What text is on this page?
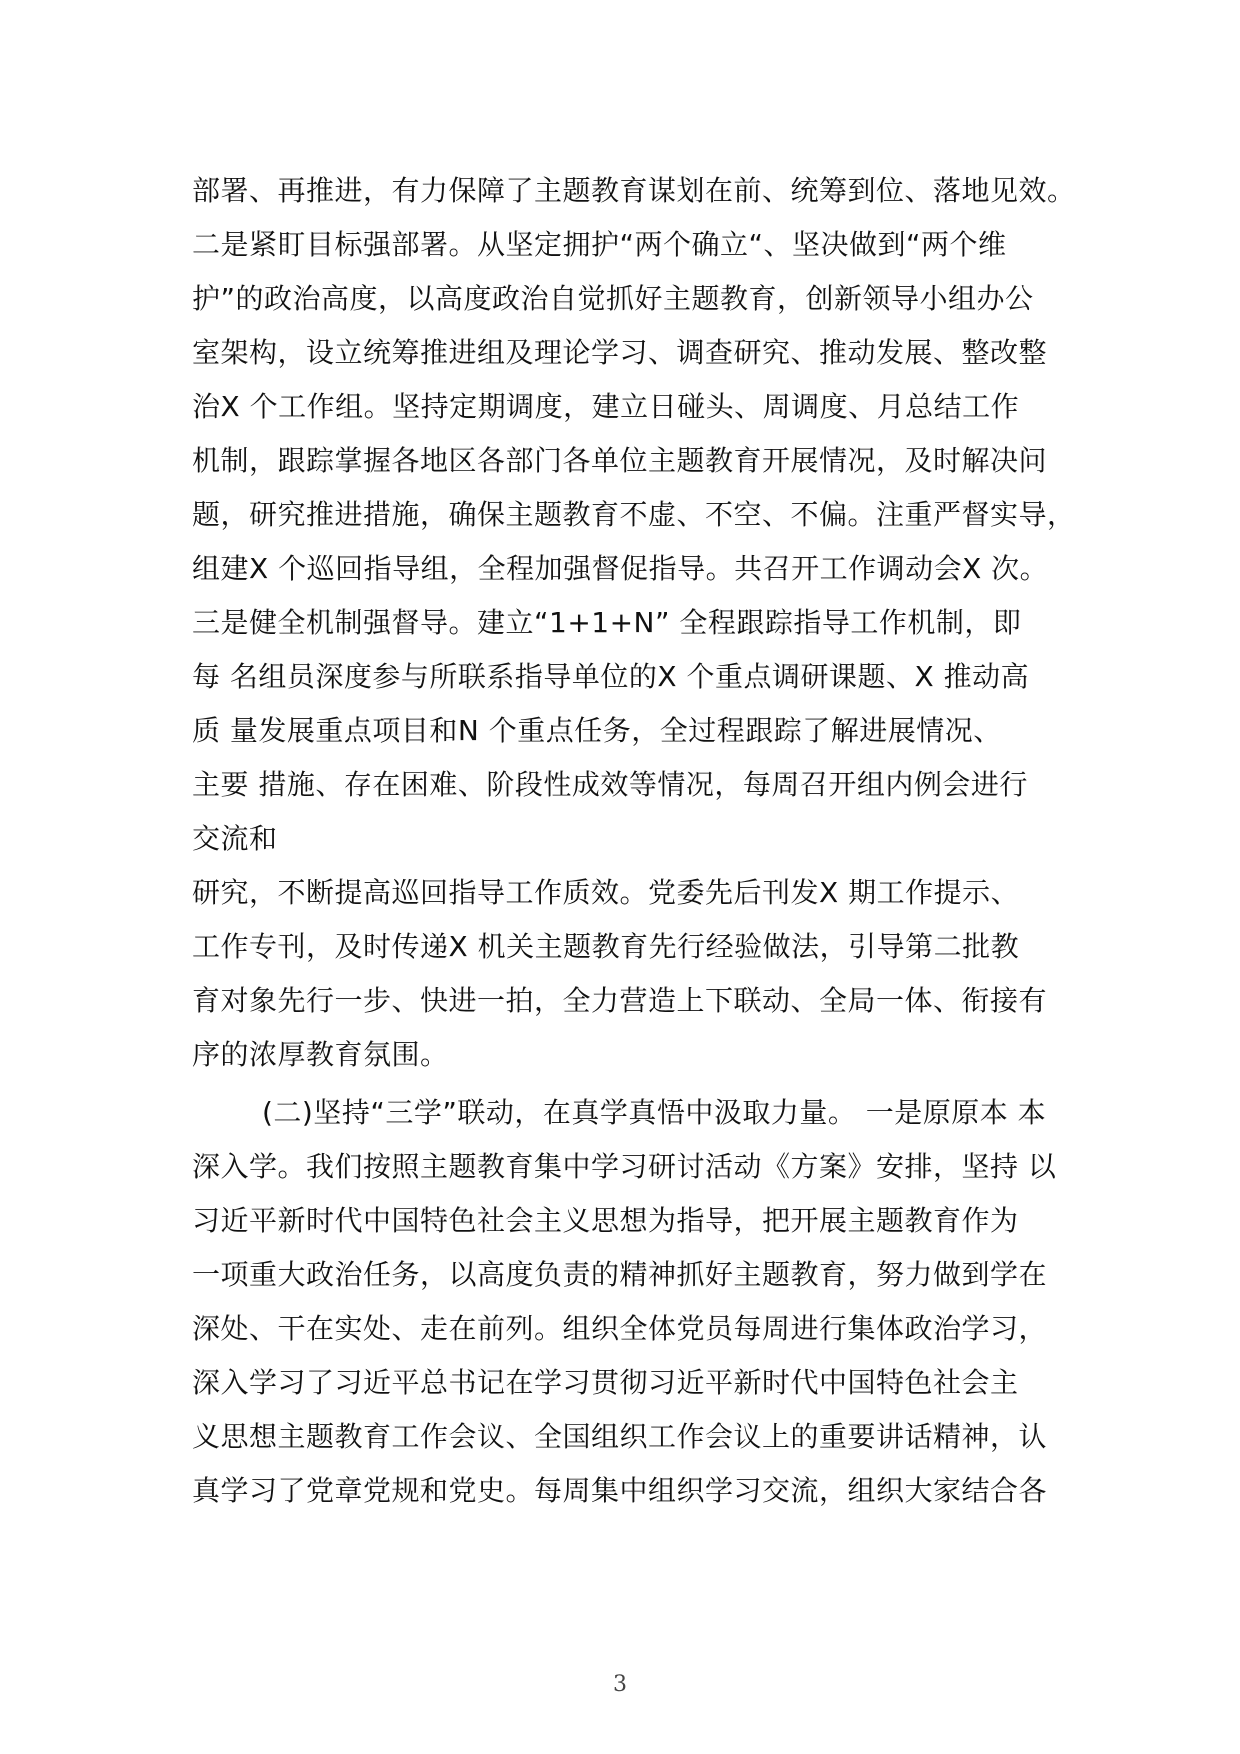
部署、再推进，有力保障了主题教育谋划在前、统筹到位、落地见效。
二是紧盯目标强部署。从坚定拥护“两个确立“、坚决做到“两个维
护”的政治高度，以高度政治自觉抓好主题教育，创新领导小组办公
室架构，设立统筹推进组及理论学习、调查研究、推动发展、整改整
治X 个工作组。坚持定期调度，建立日碰头、周调度、月总结工作
机制，跟踪掌握各地区各部门各单位主题教育开展情况，及时解决问
题，研究推进措施，确保主题教育不虚、不空、不偏。注重严督实导，
组建X 个巡回指导组，全程加强督促指导。共召开工作调动会X 次。
三是健全机制强督导。建立“1+1+N” 全程跟踪指导工作机制，即
每 名组员深度参与所联系指导单位的X 个重点调研课题、X 推动高
质 量发展重点项目和N 个重点任务，全过程跟踪了解进展情况、
主要 措施、存在困难、阶段性成效等情况，每周召开组内例会进行
交流和
研究，不断提高巡回指导工作质效。党委先后刊发X 期工作提示、
工作专刊，及时传递X 机关主题教育先行经验做法，引导第二批教
育对象先行一步、快进一拍，全力营造上下联动、全局一体、衔接有
序的浓厚教育氛围。
(二)坚持“三学”联动，在真学真悟中汲取力量。 一是原原本 本
深入学。我们按照主题教育集中学习研讨活动《方案》安排，坚持 以
习近平新时代中国特色社会主义思想为指导，把开展主题教育作为
一项重大政治任务，以高度负责的精神抓好主题教育，努力做到学在
深处、干在实处、走在前列。组织全体党员每周进行集体政治学习，
深入学习了习近平总书记在学习贯彻习近平新时代中国特色社会主
义思想主题教育工作会议、全国组织工作会议上的重要讲话精神，认
真学习了党章党规和党史。每周集中组织学习交流，组织大家结合各
3
